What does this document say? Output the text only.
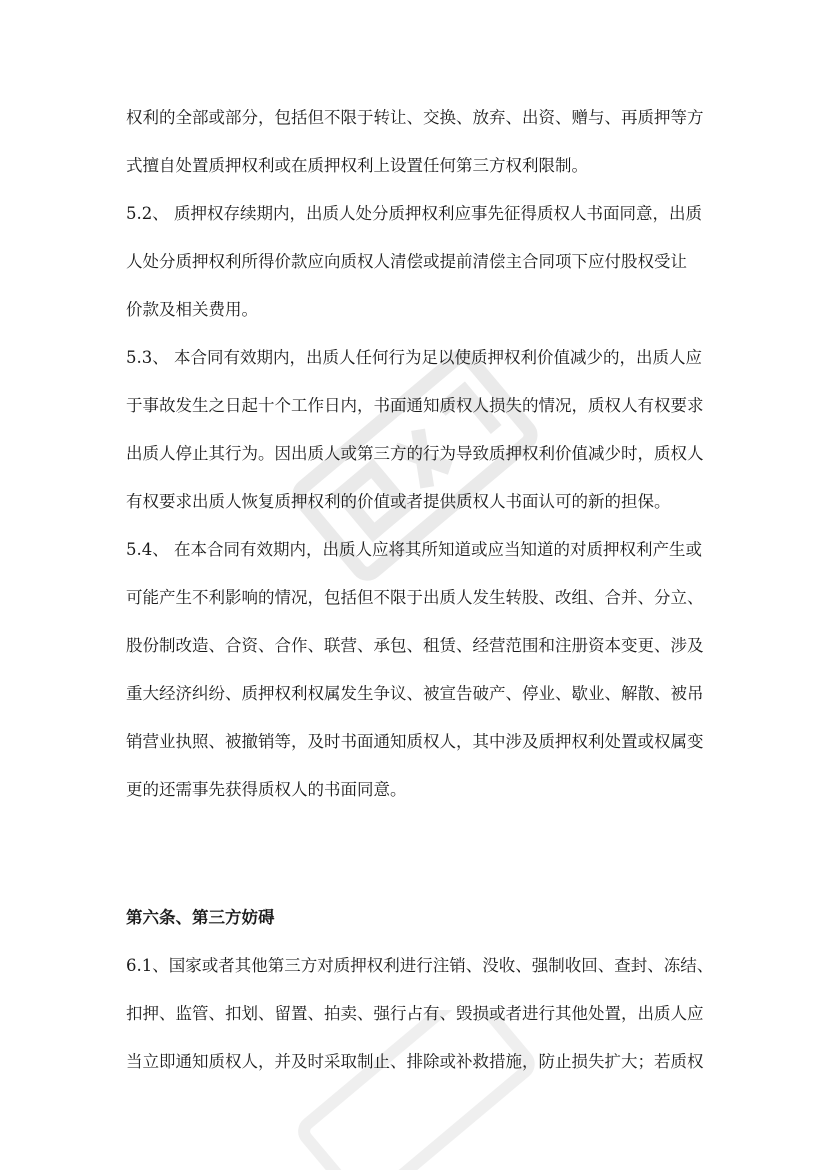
权利的全部或部分，包括但不限于转让、交换、放弃、出资、赠与、再质押等方
式擅自处置质押权利或在质押权利上设置任何第三方权利限制。
5.2、 质押权存续期内，出质人处分质押权利应事先征得质权人书面同意，出质
人处分质押权利所得价款应向质权人清偿或提前清偿主合同项下应付股权受让
价款及相关费用。
5.3、 本合同有效期内，出质人任何行为足以使质押权利价值减少的，出质人应
于事故发生之日起十个工作日内，书面通知质权人损失的情况，质权人有权要求
出质人停止其行为。因出质人或第三方的行为导致质押权利价值减少时，质权人
有权要求出质人恢复质押权利的价值或者提供质权人书面认可的新的担保。
5.4、 在本合同有效期内，出质人应将其所知道或应当知道的对质押权利产生或
可能产生不利影响的情况，包括但不限于出质人发生转股、改组、合并、分立、
股份制改造、合资、合作、联营、承包、租赁、经营范围和注册资本变更、涉及
重大经济纠纷、质押权利权属发生争议、被宣告破产、停业、歇业、解散、被吊
销营业执照、被撤销等，及时书面通知质权人，其中涉及质押权利处置或权属变
更的还需事先获得质权人的书面同意。
第六条、第三方妨碍
6.1、国家或者其他第三方对质押权利进行注销、没收、强制收回、查封、冻结、
扣押、监管、扣划、留置、拍卖、强行占有、毁损或者进行其他处置，出质人应
当立即通知质权人，并及时采取制止、排除或补救措施，防止损失扩大；若质权
